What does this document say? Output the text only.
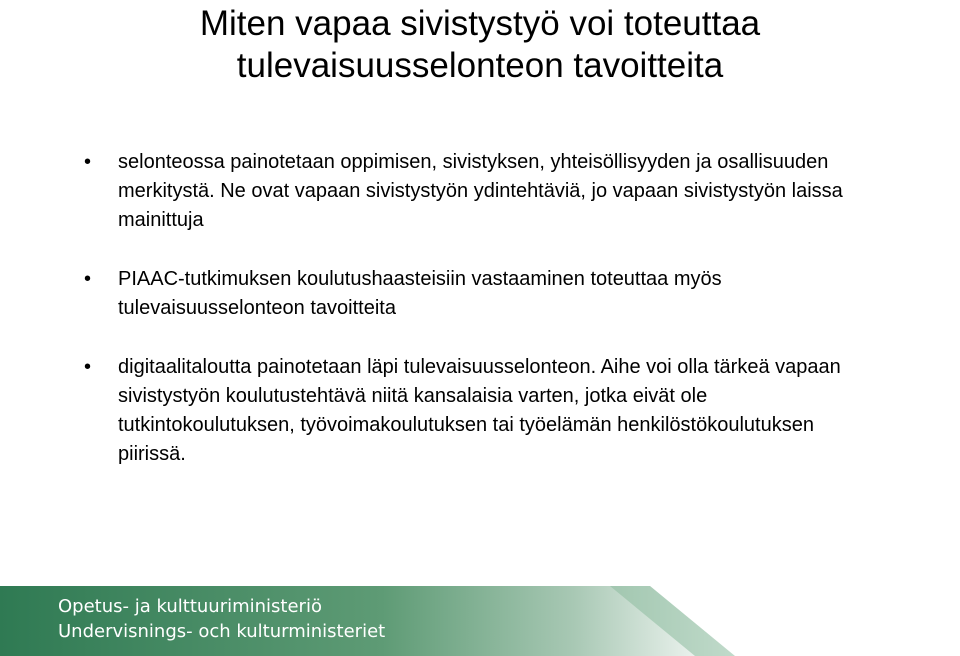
Miten vapaa sivistystyö voi toteuttaa
tulevaisuusselonteon tavoitteita
•	selonteossa painotetaan oppimisen, sivistyksen, yhteisöllisyyden ja osallisuuden merkitystä. Ne ovat vapaan sivistystyön ydintehtäviä, jo vapaan sivistystyön laissa mainittuja
•	PIAAC-tutkimuksen koulutushaasteisiin vastaaminen toteuttaa myös tulevaisuusselonteon tavoitteita
•	digitaalitaloutta painotetaan läpi tulevaisuusselonteon. Aihe voi olla tärkeä vapaan sivistystyön koulutustehtävä niitä kansalaisia varten, jotka eivät ole tutkintokoulutuksen, työvoimakoulutuksen tai työelämän henkilöstökoulutuksen piirissä.
Opetus- ja kulttuuriministeriö
Undervisnings- och kulturministeriet
